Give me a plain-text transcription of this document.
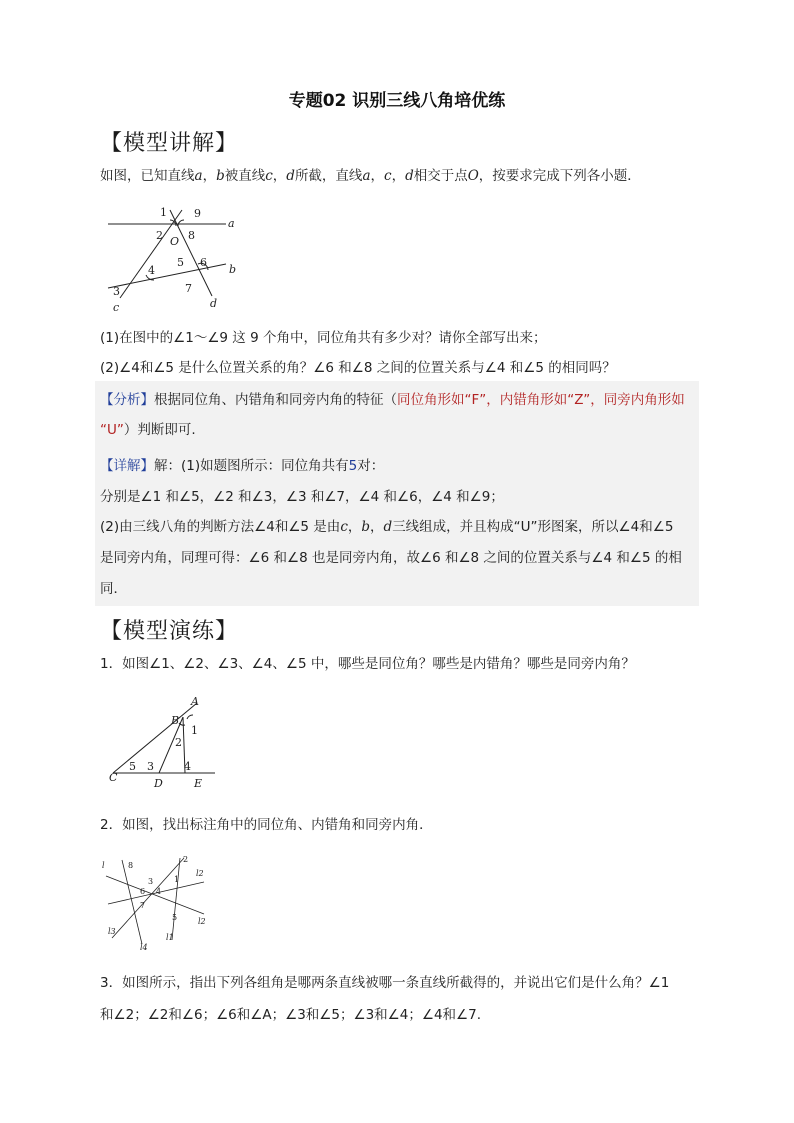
专题02 识别三线八角培优练
【模型讲解】
如图，已知直线a，b被直线c，d所截，直线a，c，d相交于点O，按要求完成下列各小题．
1 9
a
2 O 8
5 6
b
4
3	7
c	d
(1)在图中的∠1～∠9 这 9 个角中，同位角共有多少对？请你全部写出来；
(2)∠4和∠5 是什么位置关系的角？∠6 和∠8 之间的位置关系与∠4 和∠5 的相同吗？
【分析】根据同位角、内错角和同旁内角的特征（同位角形如“F”，内错角形如“Z”，同旁内角形如
“U”）判断即可.
【详解】解：(1)如题图所示：同位角共有5对：
分别是∠1 和∠5，∠2 和∠3，∠3 和∠7，∠4 和∠6，∠4 和∠9；
(2)由三线八角的判断方法∠4和∠5 是由c，b，d三线组成，并且构成“U”形图案，所以∠4和∠5
是同旁内角，同理可得：∠6 和∠8 也是同旁内角，故∠6 和∠8 之间的位置关系与∠4 和∠5 的相
同．
【模型演练】
1．如图∠1、∠2、∠3、∠4、∠5 中，哪些是同位角？哪些是内错角？哪些是同旁内角？
A
B
1
2
C
5 3
D
4
E
2．如图，找出标注角中的同位角、内错角和同旁内角．
l	8
2
l2
1
3
6 4
7
5	l2
l3
l1
l4
3．如图所示，指出下列各组角是哪两条直线被哪一条直线所截得的，并说出它们是什么角？∠1
和∠2；∠2和∠6；∠6和∠A；∠3和∠5；∠3和∠4；∠4和∠7.
